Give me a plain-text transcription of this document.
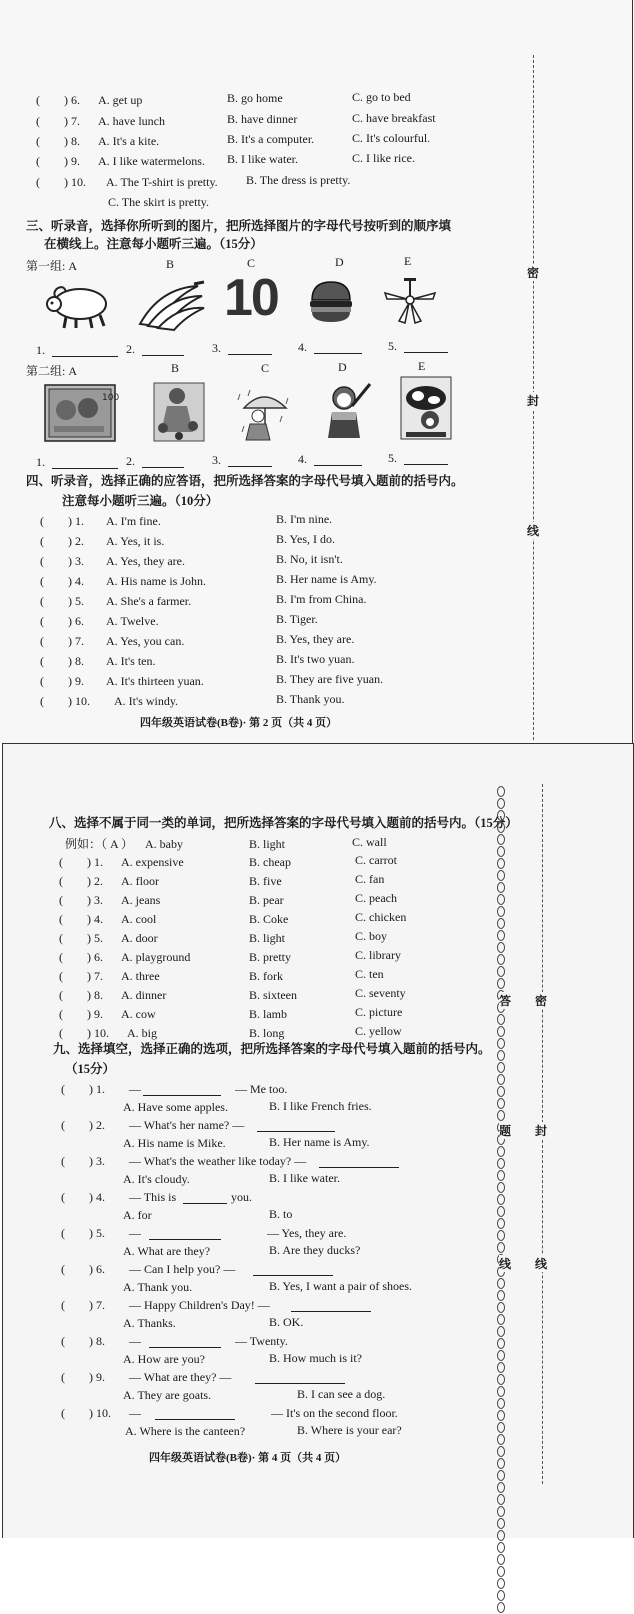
(　　) 6. A. get up	B. go home	C. go to bed
(　　) 7. A. have lunch	B. have dinner	C. have breakfast
(　　) 8. A. It's a kite.	B. It's a computer.	C. It's colourful.
(　　) 9. A. I like watermelons. B. I like water.	C. I like rice.
(　　) 10. A. The T-shirt is pretty. B. The dress is pretty.
C. The skirt is pretty.
三、听录音，选择你所听到的图片，把所选择图片的字母代号按听到的顺序填
在横线上。注意每小题听三遍。（15分）
第一组: A	B	C	D	E
10
1.	2.	3.	4.	5.
第二组: A	B	C	D	E
100
1.	2.	3.	4.	5.
四、听录音，选择正确的应答语，把所选择答案的字母代号填入题前的括号内。
注意每小题听三遍。（10分）
(　　) 1. A. I'm fine.	B. I'm nine.
(　　) 2. A. Yes, it is.	B. Yes, I do.
(　　) 3. A. Yes, they are.	B. No, it isn't.
(　　) 4. A. His name is John.	B. Her name is Amy.
(　　) 5. A. She's a farmer.	B. I'm from China.
(　　) 6. A. Twelve.	B. Tiger.
(　　) 7. A. Yes, you can.	B. Yes, they are.
(　　) 8. A. It's ten.	B. It's two yuan.
(　　) 9. A. It's thirteen yuan.	B. They are five yuan.
(　　) 10. A. It's windy.	B. Thank you.
四年级英语试卷(B卷)· 第 2 页（共 4 页）
密
封
线
八、选择不属于同一类的单词，把所选择答案的字母代号填入题前的括号内。（15分）
例如：（ A ） A. baby	B. light	C. wall
(　　) 1. A. expensive	B. cheap	C. carrot
(　　) 2. A. floor	B. five	C. fan
(　　) 3. A. jeans	B. pear	C. peach
(　　) 4. A. cool	B. Coke	C. chicken
(　　) 5. A. door	B. light	C. boy
(　　) 6. A. playground	B. pretty	C. library
(　　) 7. A. three	B. fork	C. ten
(　　) 8. A. dinner	B. sixteen	C. seventy
(　　) 9. A. cow	B. lamb	C. picture
(　　) 10. A. big	B. long	C. yellow
九、选择填空，选择正确的选项，把所选择答案的字母代号填入题前的括号内。
（15分）
(　　) 1. —	— Me too.
A. Have some apples.	B. I like French fries.
(　　) 2. — What's her name? —
A. His name is Mike.	B. Her name is Amy.
(　　) 3. — What's the weather like today? —
A. It's cloudy.	B. I like water.
(　　) 4. — This is	you.
A. for	B. to
(　　) 5. —	— Yes, they are.
A. What are they?	B. Are they ducks?
(　　) 6. — Can I help you? —
A. Thank you.	B. Yes, I want a pair of shoes.
(　　) 7. — Happy Children's Day! —
A. Thanks.	B. OK.
(　　) 8. —	— Twenty.
A. How are you?	B. How much is it?
(　　) 9. — What are they? —
A. They are goats.	B. I can see a dog.
(　　) 10. —	— It's on the second floor.
A. Where is the canteen?	B. Where is your ear?
四年级英语试卷(B卷)· 第 4 页（共 4 页）
答
题
线
密
封
线
